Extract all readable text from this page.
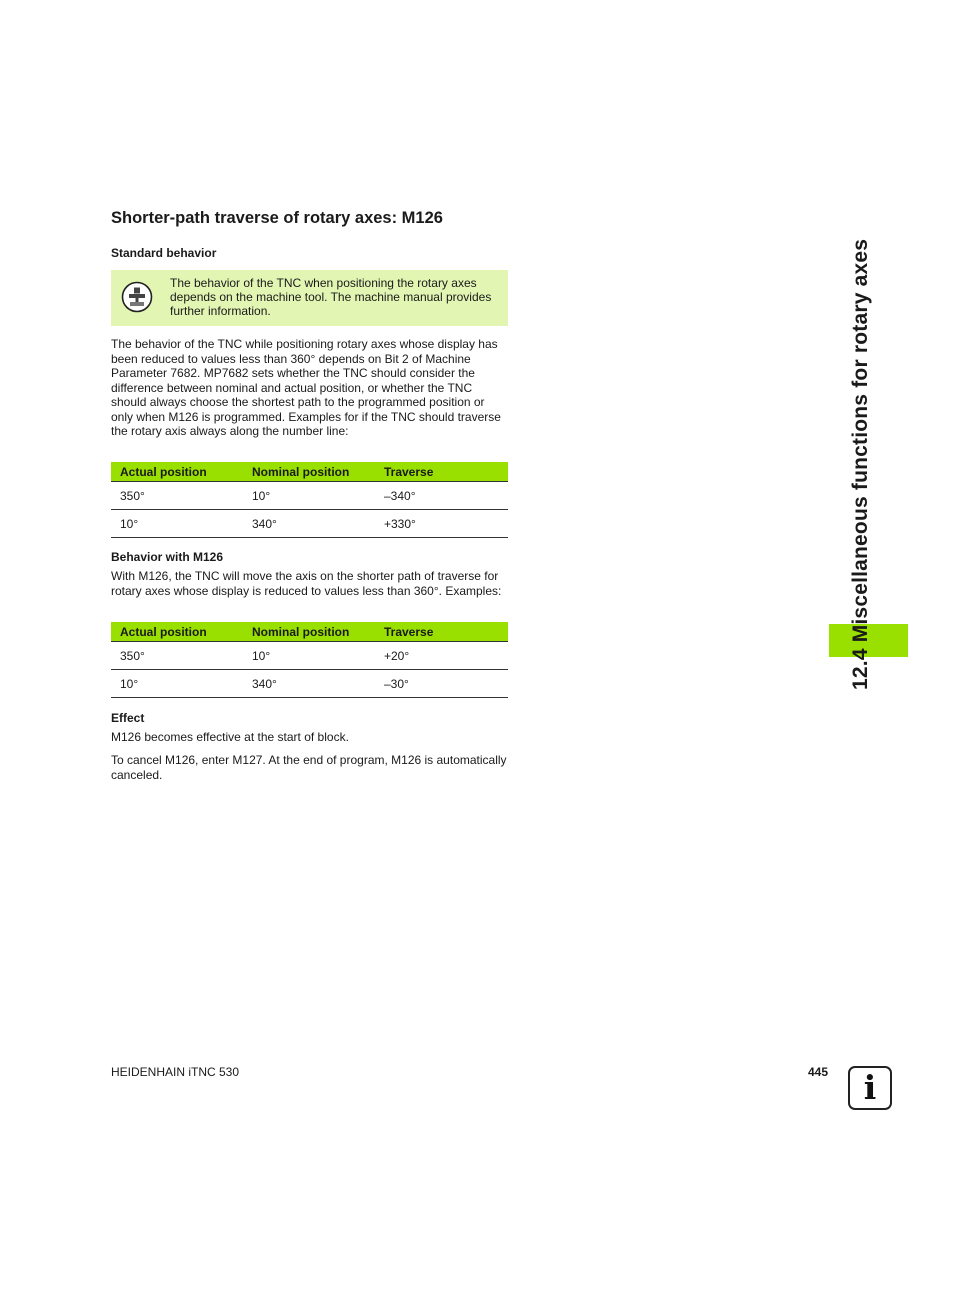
Shorter-path traverse of rotary axes: M126
Standard behavior

The behavior of the TNC when positioning the rotary axes depends on the machine tool. The machine manual provides further information.

The behavior of the TNC while positioning rotary axes whose display has been reduced to values less than 360° depends on Bit 2 of Machine Parameter 7682. MP7682 sets whether the TNC should consider the difference between nominal and actual position, or whether the TNC should always choose the shortest path to the programmed position or only when M126 is programmed. Examples for if the TNC should traverse the rotary axis always along the number line:

Actual position	Nominal position	Traverse
350°	10°	–340°
10°	340°	+330°
Behavior with M126

With M126, the TNC will move the axis on the shorter path of traverse for rotary axes whose display is reduced to values less than 360°. Examples:

Actual position	Nominal position	Traverse
350°	10°	+20°
10°	340°	–30°
Effect

M126 becomes effective at the start of block.

To cancel M126, enter M127. At the end of program, M126 is automatically canceled.

12.4 Miscellaneous functions for rotary axes
HEIDENHAIN iTNC 530	445	i
